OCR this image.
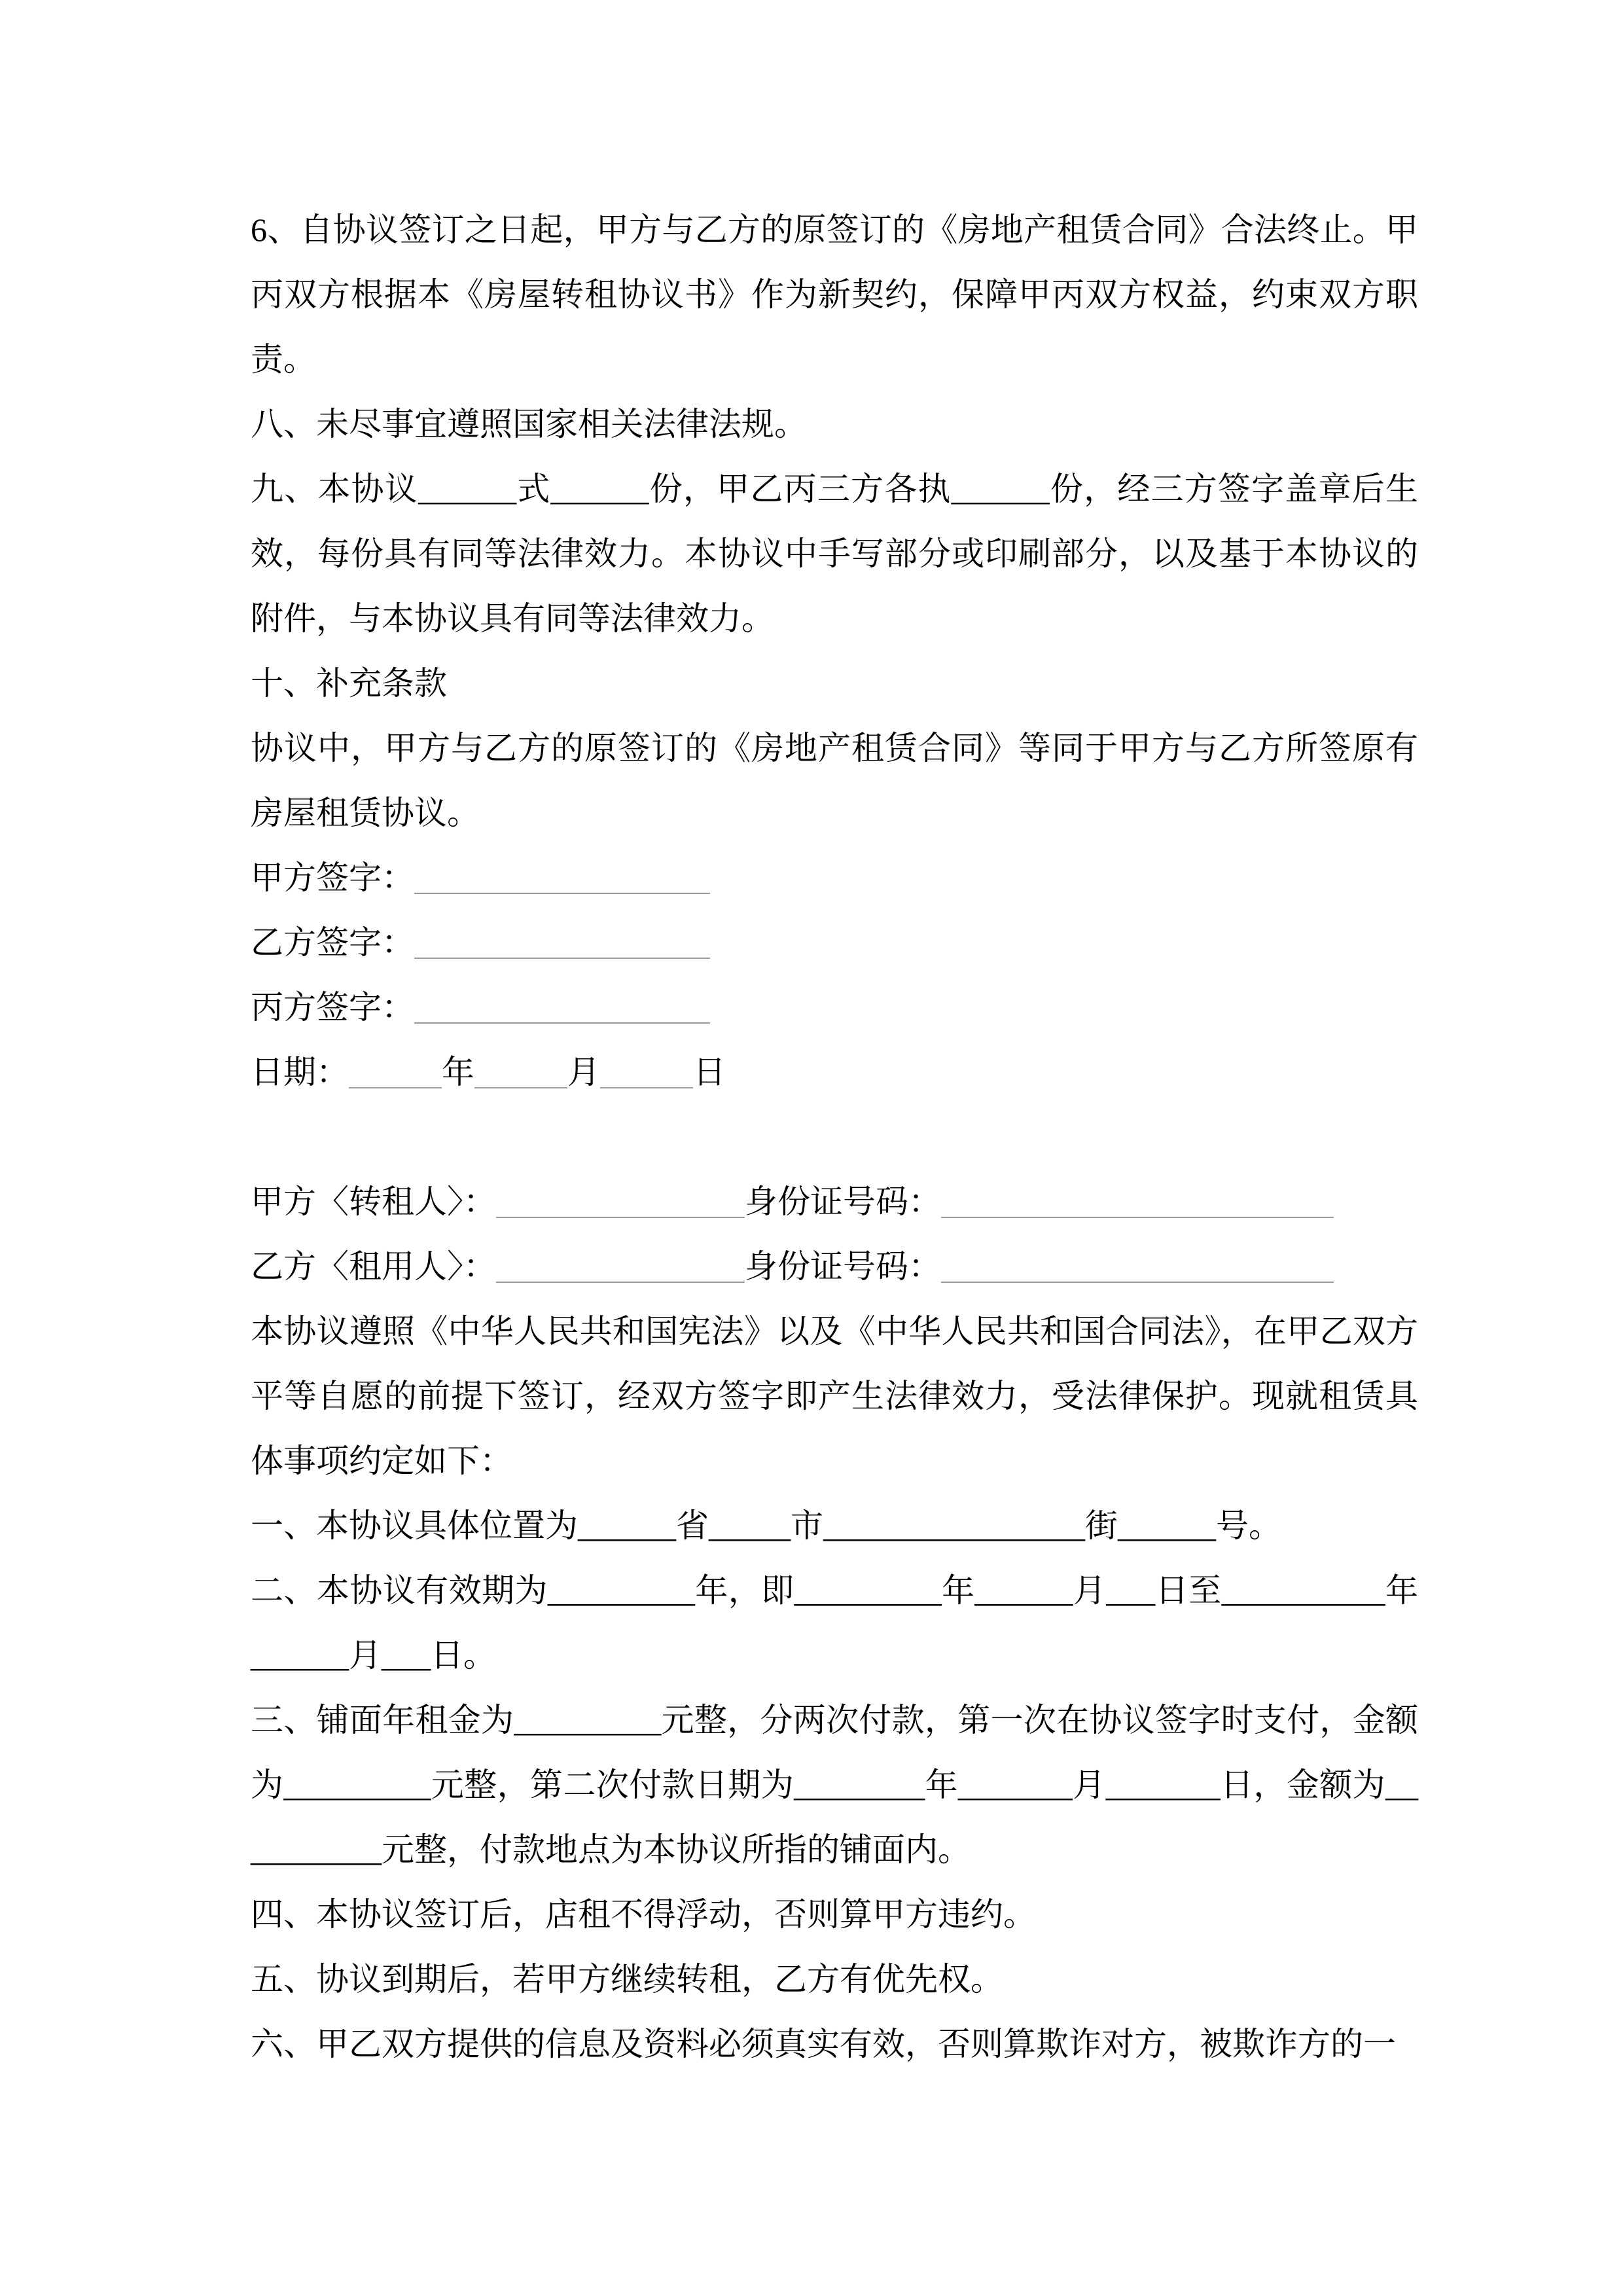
6、自协议签订之日起，甲方与乙方的原签订的《房地产租赁合同》合法终止。甲丙双方根据本《房屋转租协议书》作为新契约，保障甲丙双方权益，约束双方职责。

八、未尽事宜遵照国家相关法律法规。

九、本协议______式______份，甲乙丙三方各执______份，经三方签字盖章后生效，每份具有同等法律效力。本协议中手写部分或印刷部分，以及基于本协议的附件，与本协议具有同等法律效力。

十、补充条款

协议中，甲方与乙方的原签订的《房地产租赁合同》等同于甲方与乙方所签原有房屋租赁协议。

甲方签字：

乙方签字：

丙方签字：

日期：	年	月	日

甲方〈转租人〉：	身份证号码：

乙方〈租用人〉：	身份证号码：

本协议遵照《中华人民共和国宪法》以及《中华人民共和国合同法》，在甲乙双方平等自愿的前提下签订，经双方签字即产生法律效力，受法律保护。现就租赁具体事项约定如下：

一、本协议具体位置为______省_____市________________街______号。

二、本协议有效期为_________年，即_________年______月___日至__________年______月___日。

三、铺面年租金为_________元整，分两次付款，第一次在协议签字时支付，金额为_________元整，第二次付款日期为________年_______月_______日，金额为__________元整，付款地点为本协议所指的铺面内。

四、本协议签订后，店租不得浮动，否则算甲方违约。

五、协议到期后，若甲方继续转租，乙方有优先权。

六、甲乙双方提供的信息及资料必须真实有效，否则算欺诈对方，被欺诈方的一
